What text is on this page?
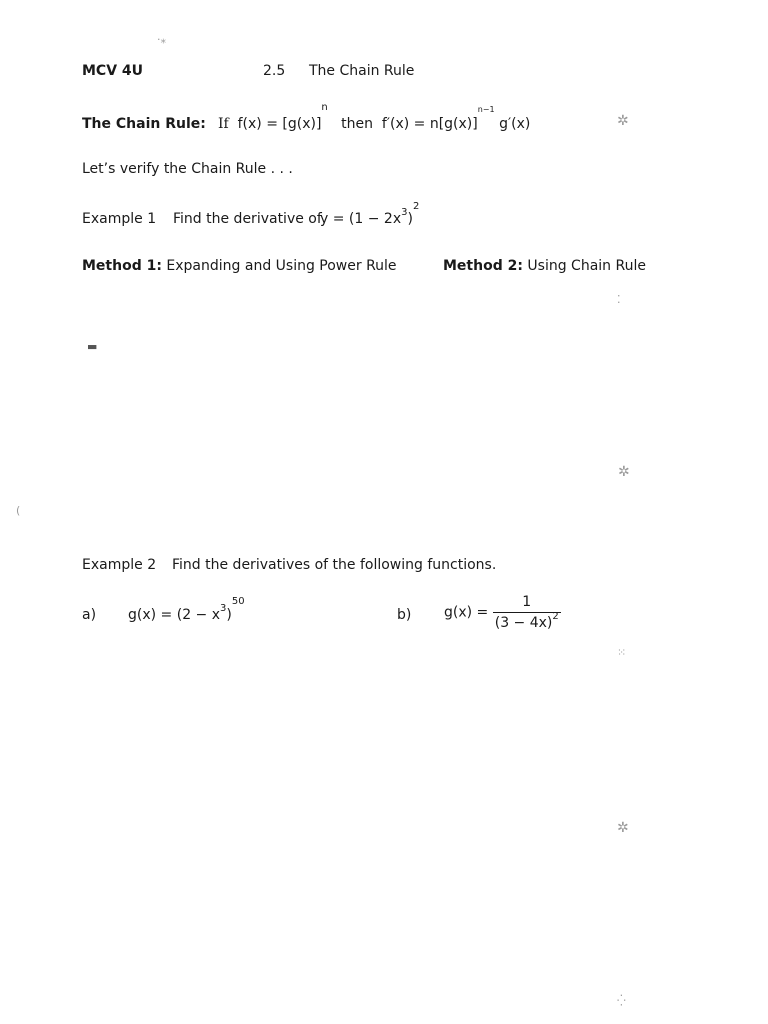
MCV 4U	2.5 The Chain Rule
The Chain Rule: If $f(x) = [g(x)]^n$   then $f'(x) = n[g(x)]^{n-1}$ g′(x)
Let’s verify the Chain Rule . . .
Example 1 Find the derivative of
$y = (1 - 2x^3)^2$
Method 1: Expanding and Using Power Rule	Method 2: Using Chain Rule
Example 2 Find the derivatives of the following functions.
a) $g(x) = (2 - x^3)^{50}$
b) $g(x) = \frac{1}{(3 - 4x)^2}$
✲
⁚
✲
⁙
✲
⁛
▬
·⁎
(
